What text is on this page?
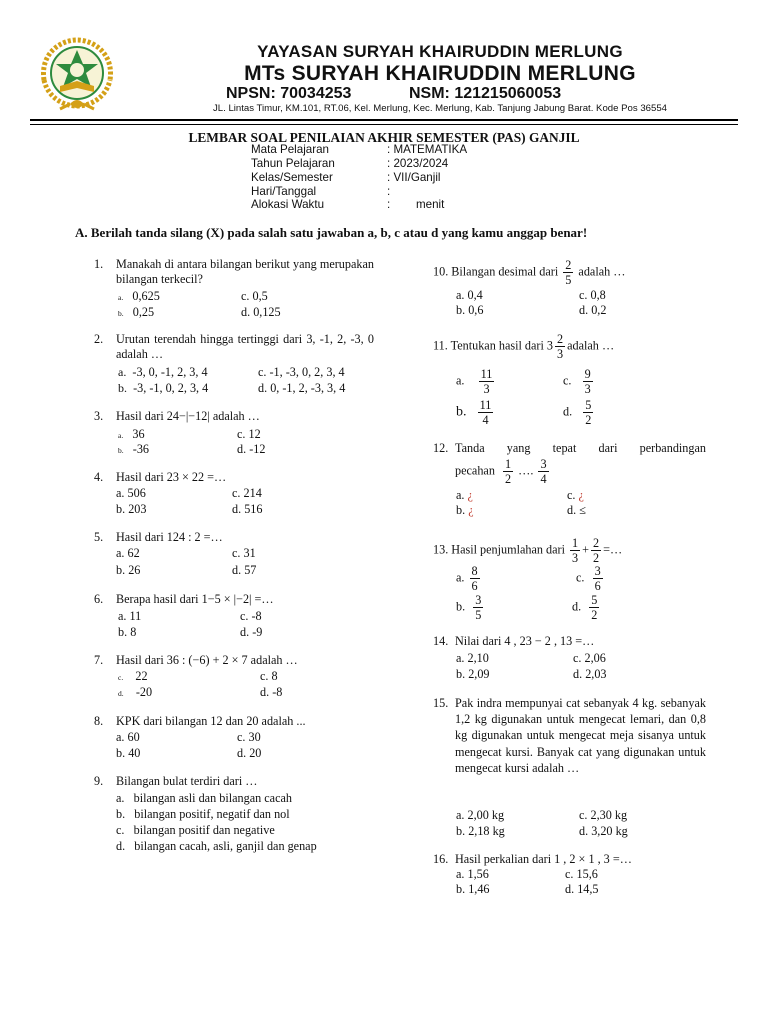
YAYASAN SURYAH KHAIRUDDIN MERLUNG
MTs SURYAH KHAIRUDDIN MERLUNG
NPSN: 70034253	NSM: 121215060053
JL. Lintas Timur, KM.101, RT.06, Kel. Merlung, Kec. Merlung, Kab. Tanjung Jabung Barat. Kode Pos 36554
LEMBAR SOAL PENILAIAN AKHIR SEMESTER (PAS) GANJIL
Mata Pelajaran	: MATEMATIKA
Tahun Pelajaran	: 2023/2024
Kelas/Semester	: VII/Ganjil
Hari/Tanggal	:
Alokasi Waktu	:        menit
A. Berilah tanda silang (X) pada salah satu jawaban a, b, c atau d yang kamu anggap benar!
1. Manakah di antara bilangan berikut yang merupakan bilangan terkecil?
a. 0,625
b. 0,25
c. 0,5
d. 0,125
2. Urutan terendah hingga tertinggi dari 3, -1, 2, -3, 0 adalah …
a. -3, 0, -1, 2, 3, 4
b. -3, -1, 0, 2, 3, 4
c. -1, -3, 0, 2, 3, 4
d. 0, -1, 2, -3, 3, 4
3. Hasil dari 24−|−12| adalah …
a. 36
b. -36
c. 12
d. -12
4. Hasil dari 23 × 22 =…
a. 506
b. 203
c. 214
d. 516
5. Hasil dari 124 : 2 =…
a. 62
b. 26
c. 31
d. 57
6. Berapa hasil dari 1−5 × |−2| =…
a. 11
b. 8
c. -8
d. -9
7. Hasil dari 36 : (−6) + 2 × 7 adalah …
c. 22
d. -20
c. 8
d. -8
8. KPK dari bilangan 12 dan 20 adalah ...
a. 60
b. 40
c. 30
d. 20
9. Bilangan bulat terdiri dari …
a. bilangan asli dan bilangan cacah
b. bilangan positif, negatif dan nol
c. bilangan positif dan negative
d. bilangan cacah, asli, ganjil dan genap
10. Bilangan desimal dari $\frac{2}{5}$ adalah …
a. 0,4
b. 0,6
c. 0,8
d. 0,2
11. Tentukan hasil dari $3 \frac{2}{3}$ adalah …
a. $\frac{11}{3}$
b. $\frac{11}{4}$
c. $\frac{9}{3}$
d. $\frac{5}{2}$
12. Tanda yang tepat dari perbandingan
pecahan $\frac{1}{2}$ …. $\frac{3}{4}$
a. ¿
b. ¿
c. ¿
d. ≤
13. Hasil penjumlahan dari $\frac{1}{3} + \frac{2}{2}$ =…
a. $\frac{8}{6}$
b. $\frac{3}{5}$
c. $\frac{3}{6}$
d. $\frac{5}{2}$
14. Nilai dari 4 , 23 − 2 , 13 =…
a. 2,10
b. 2,09
c. 2,06
d. 2,03
15. Pak indra mempunyai cat sebanyak 4 kg. sebanyak 1,2 kg digunakan untuk mengecat lemari, dan 0,8 kg digunakan untuk mengecat meja sisanya untuk mengecat kursi. Banyak cat yang digunakan untuk mengecat kursi adalah …
a. 2,00 kg
b. 2,18 kg
c. 2,30 kg
d. 3,20 kg
16. Hasil perkalian dari 1 , 2 × 1 , 3 =…
a. 1,56
b. 1,46
c. 15,6
d. 14,5
